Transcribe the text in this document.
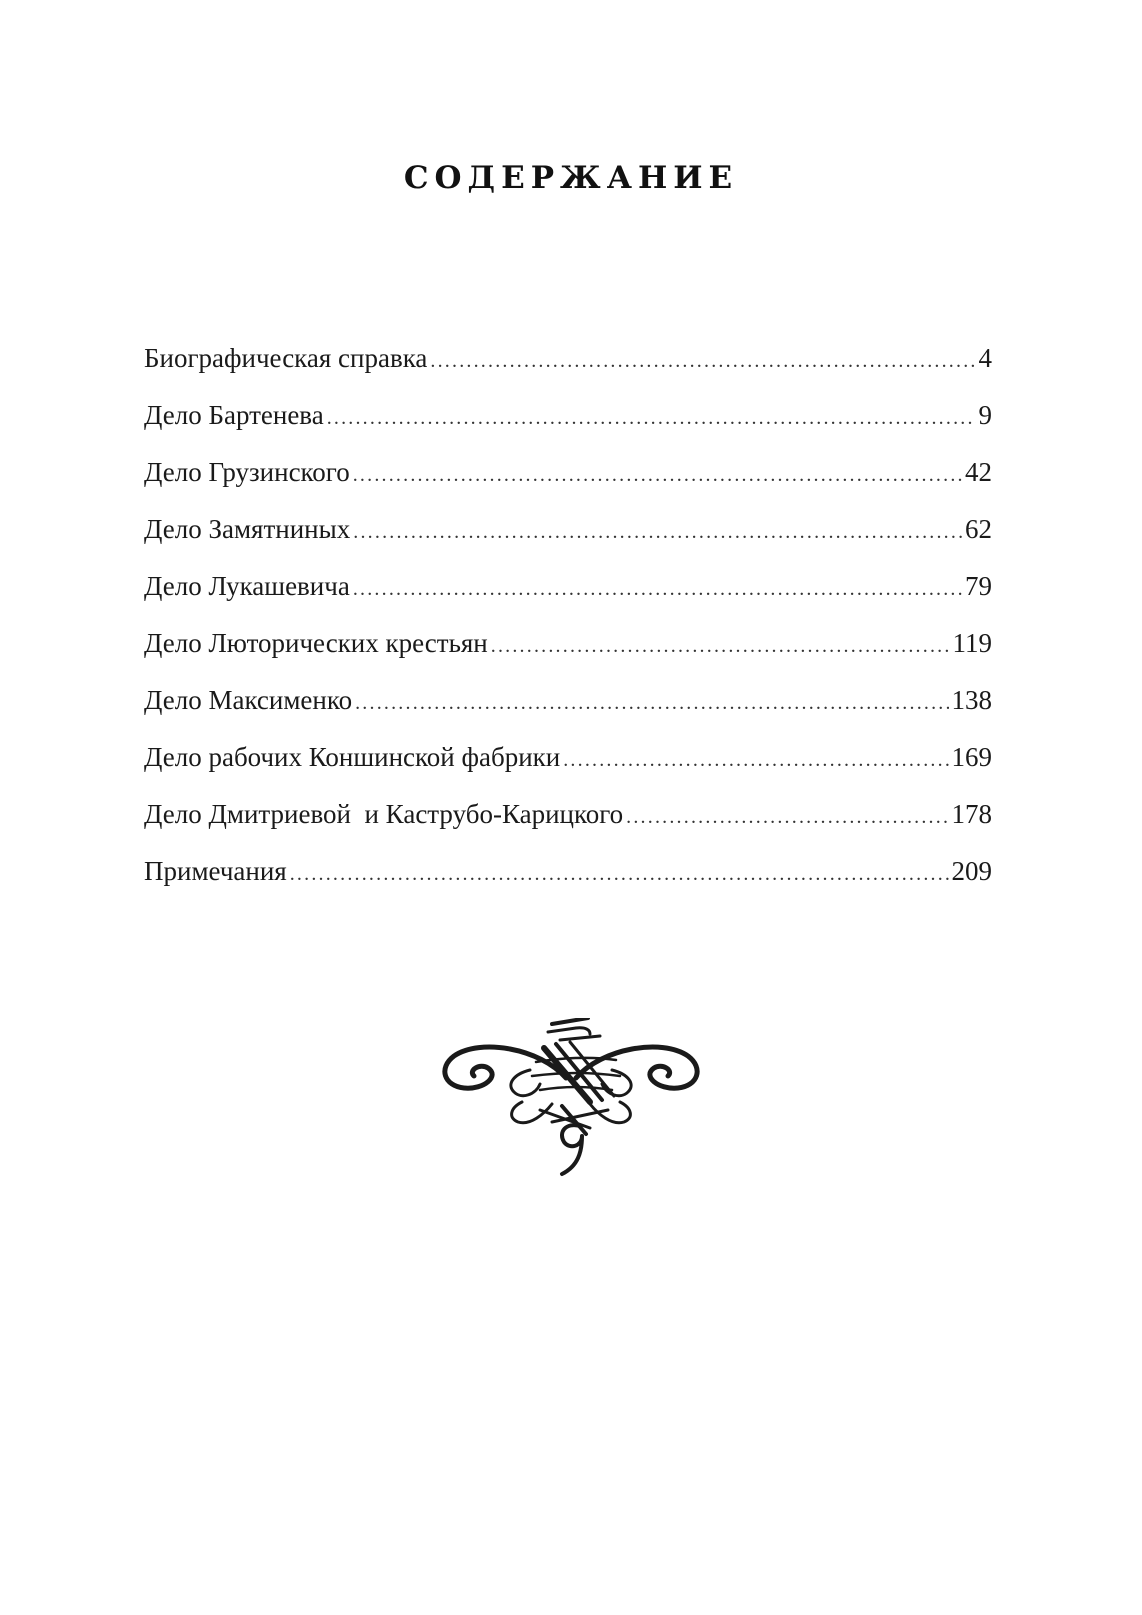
СОДЕРЖАНИЕ
Биографическая справка .....	4
Дело Бартенева .....	9
Дело Грузинского .....	42
Дело Замятниных .....	62
Дело Лукашевича .....	79
Дело Люторических крестьян .....	119
Дело Максименко .....	138
Дело рабочих Коншинской фабрики .....	169
Дело Дмитриевой  и Каструбо-Карицкого .....	178
Примечания .....	209
